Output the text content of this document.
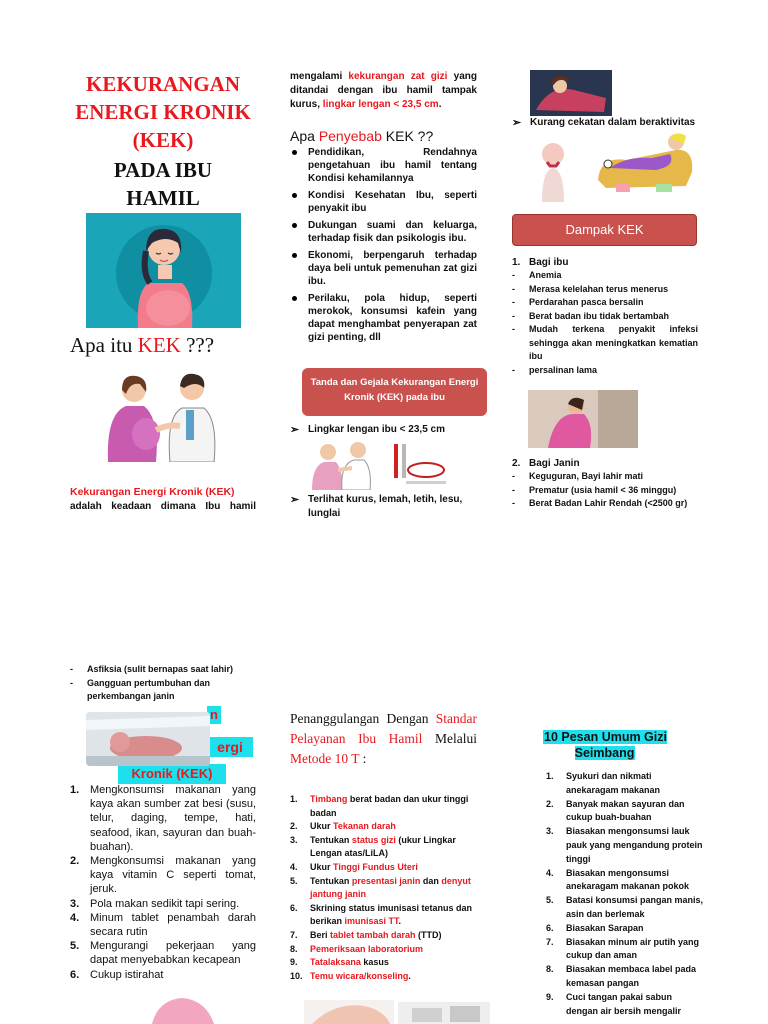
KEKURANGAN ENERGI KRONIK (KEK)
PADA IBU HAMIL
Apa itu KEK ???
Kekurangan Energi Kronik (KEK)
adalah keadaan dimana Ibu hamil
mengalami kekurangan zat gizi yang ditandai dengan ibu hamil tampak kurus, lingkar lengan < 23,5 cm.
Apa Penyebab KEK ??
Pendidikan, Rendahnya pengetahuan ibu hamil tentang Kondisi kehamilannya
Kondisi Kesehatan Ibu, seperti penyakit ibu
Dukungan suami dan keluarga, terhadap fisik dan psikologis ibu.
Ekonomi, berpengaruh terhadap daya beli untuk pemenuhan zat gizi ibu.
Perilaku, pola hidup, seperti merokok, konsumsi kafein yang dapat menghambat penyerapan zat gizi penting, dll
Tanda dan Gejala Kekurangan Energi Kronik (KEK) pada ibu
➢ Lingkar lengan ibu < 23,5 cm
➢ Terlihat kurus, lemah, letih, lesu, lunglai
➢ Kurang cekatan dalam beraktivitas
Dampak KEK
1. Bagi ibu
- Anemia
- Merasa kelelahan terus menerus
- Perdarahan pasca bersalin
- Berat badan ibu tidak bertambah
- Mudah terkena penyakit infeksi sehingga akan meningkatkan kematian ibu
- persalinan lama
2. Bagi Janin
- Keguguran, Bayi lahir mati
- Prematur (usia hamil < 36 minggu)
- Berat Badan Lahir Rendah (<2500 gr)
- Asfiksia (sulit bernapas saat lahir)
- Gangguan pertumbuhan dan perkembangan janin
n
ergi
Kronik (KEK)
1. Mengkonsumsi makanan yang kaya akan sumber zat besi (susu, telur, daging, tempe, hati, seafood, ikan, sayuran dan buah-buahan).
2. Mengkonsumsi makanan yang kaya vitamin C seperti tomat, jeruk.
3. Pola makan sedikit tapi sering.
4. Minum tablet penambah darah secara rutin
5. Mengurangi pekerjaan yang dapat menyebabkan kecapean
6. Cukup istirahat
Penanggulangan Dengan Standar Pelayanan Ibu Hamil Melalui Metode 10 T :
1. Timbang berat badan dan ukur tinggi badan
2. Ukur Tekanan darah
3. Tentukan status gizi (ukur Lingkar Lengan atas/LiLA)
4. Ukur Tinggi Fundus Uteri
5. Tentukan presentasi janin dan denyut jantung janin
6. Skrining status imunisasi tetanus dan berikan imunisasi TT.
7. Beri tablet tambah darah (TTD)
8. Pemeriksaan laboratorium
9. Tatalaksana kasus
10. Temu wicara/konseling.
10 Pesan Umum Gizi Seimbang
1. Syukuri dan nikmati anekaragam makanan
2. Banyak makan sayuran dan cukup buah-buahan
3. Biasakan mengonsumsi lauk pauk yang mengandung protein tinggi
4. Biasakan mengonsumsi anekaragam makanan pokok
5. Batasi konsumsi pangan manis, asin dan berlemak
6. Biasakan Sarapan
7. Biasakan minum air putih yang cukup dan aman
8. Biasakan membaca label pada kemasan pangan
9. Cuci tangan pakai sabun dengan air bersih mengalir
